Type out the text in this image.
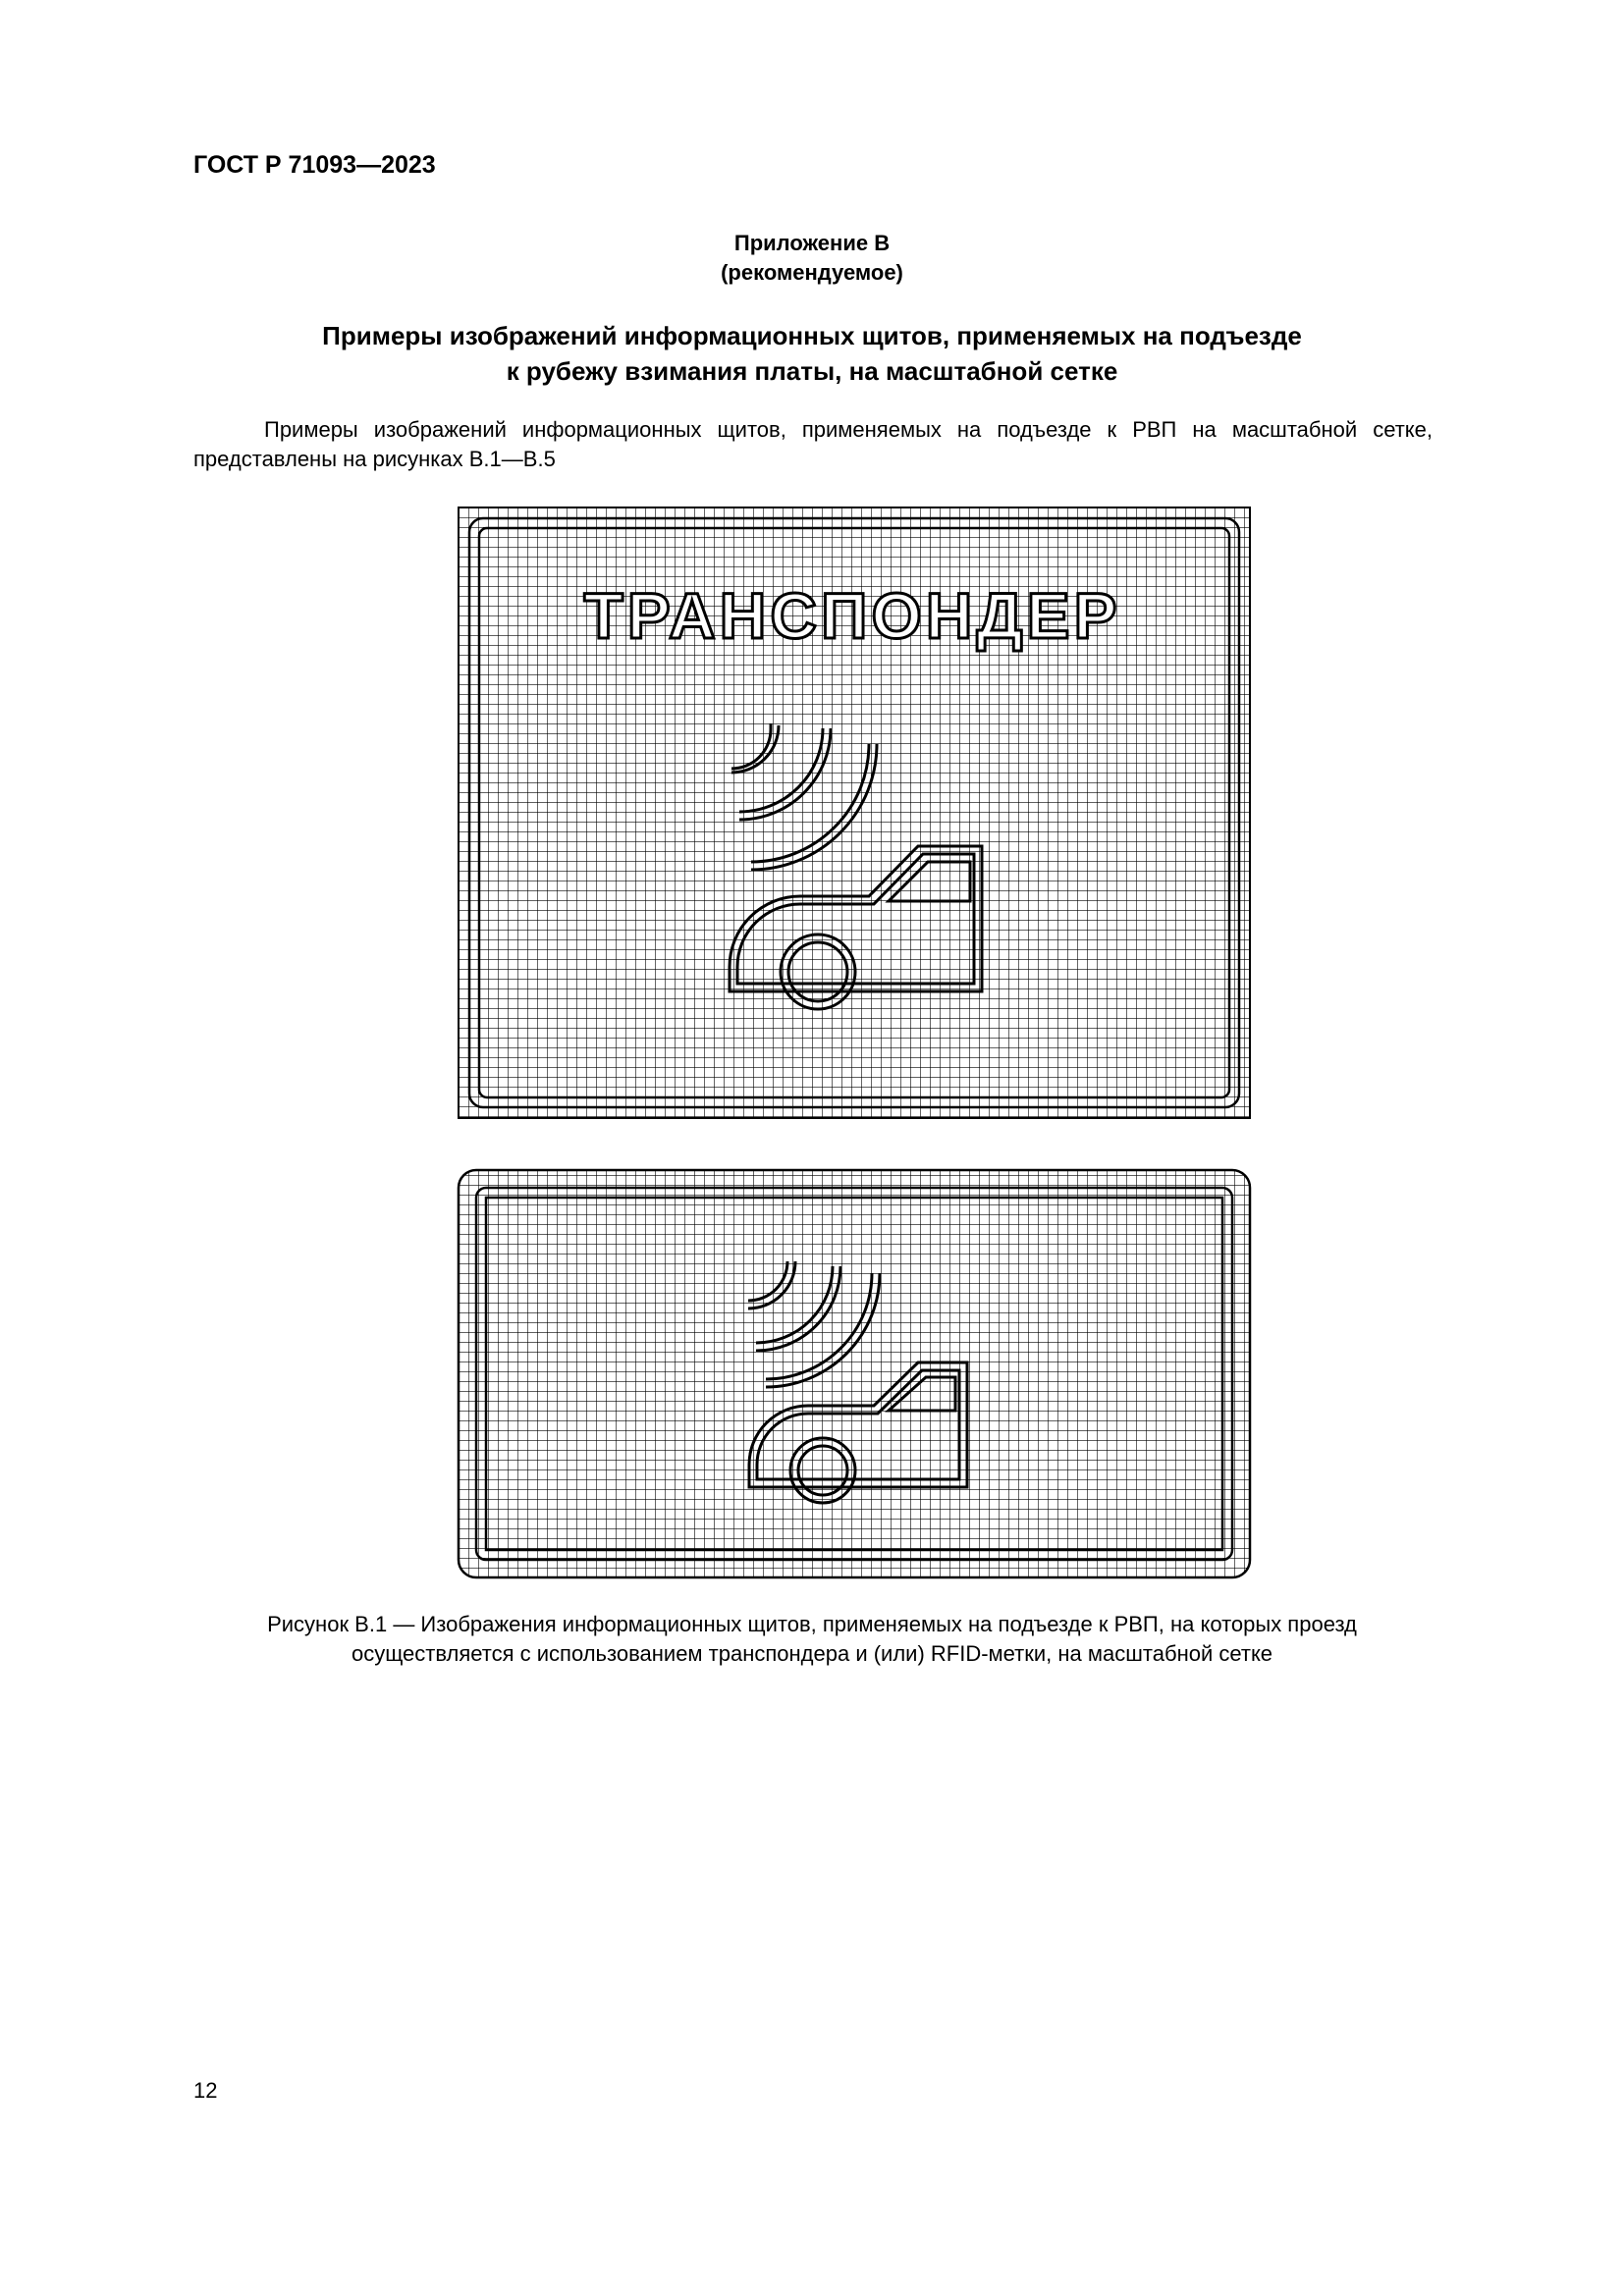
ГОСТ Р 71093—2023
Приложение В
(рекомендуемое)
Примеры изображений информационных щитов, применяемых на подъезде
к рубежу взимания платы, на масштабной сетке
Примеры изображений информационных щитов, применяемых на подъезде к РВП на масштабной сетке, представлены на рисунках В.1—В.5
ТРАНСПОНДЕР
Рисунок В.1 — Изображения информационных щитов, применяемых на подъезде к РВП, на которых проезд
осуществляется с использованием транспондера и (или) RFID-метки, на масштабной сетке
12
